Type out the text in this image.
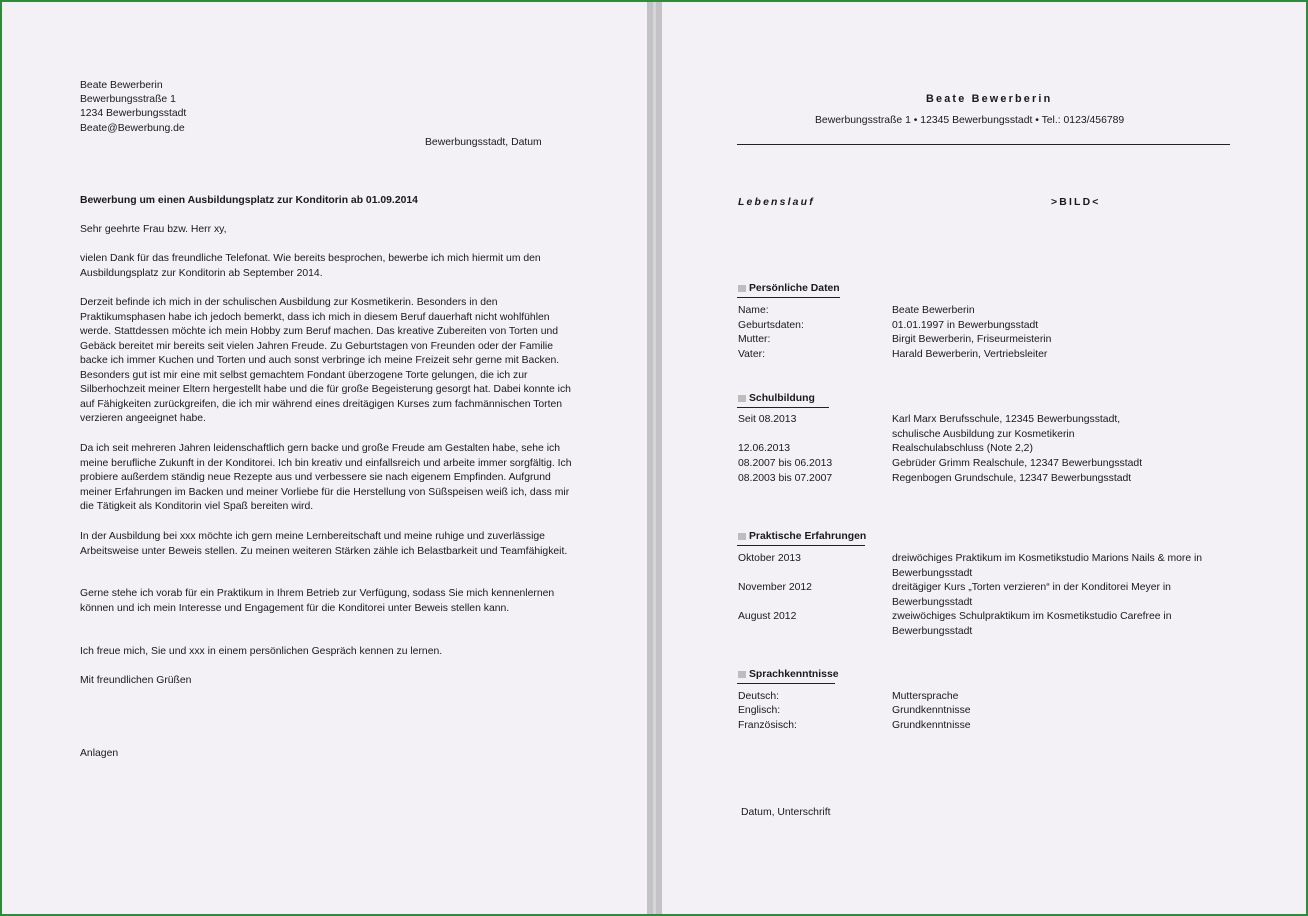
Beate Bewerberin
Bewerbungsstraße 1
1234 Bewerbungsstadt
Beate@Bewerbung.de
Bewerbungsstadt, Datum
Bewerbung um einen Ausbildungsplatz zur Konditorin ab 01.09.2014
Sehr geehrte Frau bzw. Herr xy,
vielen Dank für das freundliche Telefonat. Wie bereits besprochen, bewerbe ich mich hiermit um den Ausbildungsplatz zur Konditorin ab September 2014.
Derzeit befinde ich mich in der schulischen Ausbildung zur Kosmetikerin. Besonders in den Praktikumsphasen habe ich jedoch bemerkt, dass ich mich in diesem Beruf dauerhaft nicht wohlfühlen werde. Stattdessen möchte ich mein Hobby zum Beruf machen. Das kreative Zubereiten von Torten und Gebäck bereitet mir bereits seit vielen Jahren Freude. Zu Geburtstagen von Freunden oder der Familie backe ich immer Kuchen und Torten und auch sonst verbringe ich meine Freizeit sehr gerne mit Backen. Besonders gut ist mir eine mit selbst gemachtem Fondant überzogene Torte gelungen, die ich zur Silberhochzeit meiner Eltern hergestellt habe und die für große Begeisterung gesorgt hat. Dabei konnte ich auf Fähigkeiten zurückgreifen, die ich mir während eines dreitägigen Kurses zum fachmännischen Torten verzieren angeeignet habe.
Da ich seit mehreren Jahren leidenschaftlich gern backe und große Freude am Gestalten habe, sehe ich meine berufliche Zukunft in der Konditorei. Ich bin kreativ und einfallsreich und arbeite immer sorgfältig. Ich probiere außerdem ständig neue Rezepte aus und verbessere sie nach eigenem Empfinden. Aufgrund meiner Erfahrungen im Backen und meiner Vorliebe für die Herstellung von Süßspeisen weiß ich, dass mir die Tätigkeit als Konditorin viel Spaß bereiten wird.
In der Ausbildung bei xxx möchte ich gern meine Lernbereitschaft und meine ruhige und zuverlässige Arbeitsweise unter Beweis stellen. Zu meinen weiteren Stärken zähle ich Belastbarkeit und Teamfähigkeit.
Gerne stehe ich vorab für ein Praktikum in Ihrem Betrieb zur Verfügung, sodass Sie mich kennenlernen können und ich mein Interesse und Engagement für die Konditorei unter Beweis stellen kann.
Ich freue mich, Sie und xxx in einem persönlichen Gespräch kennen zu lernen.
Mit freundlichen Grüßen
Anlagen
Beate Bewerberin
Bewerbungsstraße 1 • 12345 Bewerbungsstadt • Tel.: 0123/456789
Lebenslauf	>BILD<
Persönliche Daten
Name:	Beate Bewerberin
Geburtsdaten:	01.01.1997 in Bewerbungsstadt
Mutter:	Birgit Bewerberin, Friseurmeisterin
Vater:	Harald Bewerberin, Vertriebsleiter
Schulbildung
Seit 08.2013	Karl Marx Berufsschule, 12345 Bewerbungsstadt,
schulische Ausbildung zur Kosmetikerin
12.06.2013	Realschulabschluss (Note 2,2)
08.2007 bis 06.2013	Gebrüder Grimm Realschule, 12347 Bewerbungsstadt
08.2003 bis 07.2007	Regenbogen Grundschule, 12347 Bewerbungsstadt
Praktische Erfahrungen
Oktober 2013	dreiwöchiges Praktikum im Kosmetikstudio Marions Nails & more in
Bewerbungsstadt
November 2012	dreitägiger Kurs „Torten verzieren“ in der Konditorei Meyer in
Bewerbungsstadt
August 2012	zweiwöchiges Schulpraktikum im Kosmetikstudio Carefree in
Bewerbungsstadt
Sprachkenntnisse
Deutsch:	Muttersprache
Englisch:	Grundkenntnisse
Französisch:	Grundkenntnisse
Datum, Unterschrift
